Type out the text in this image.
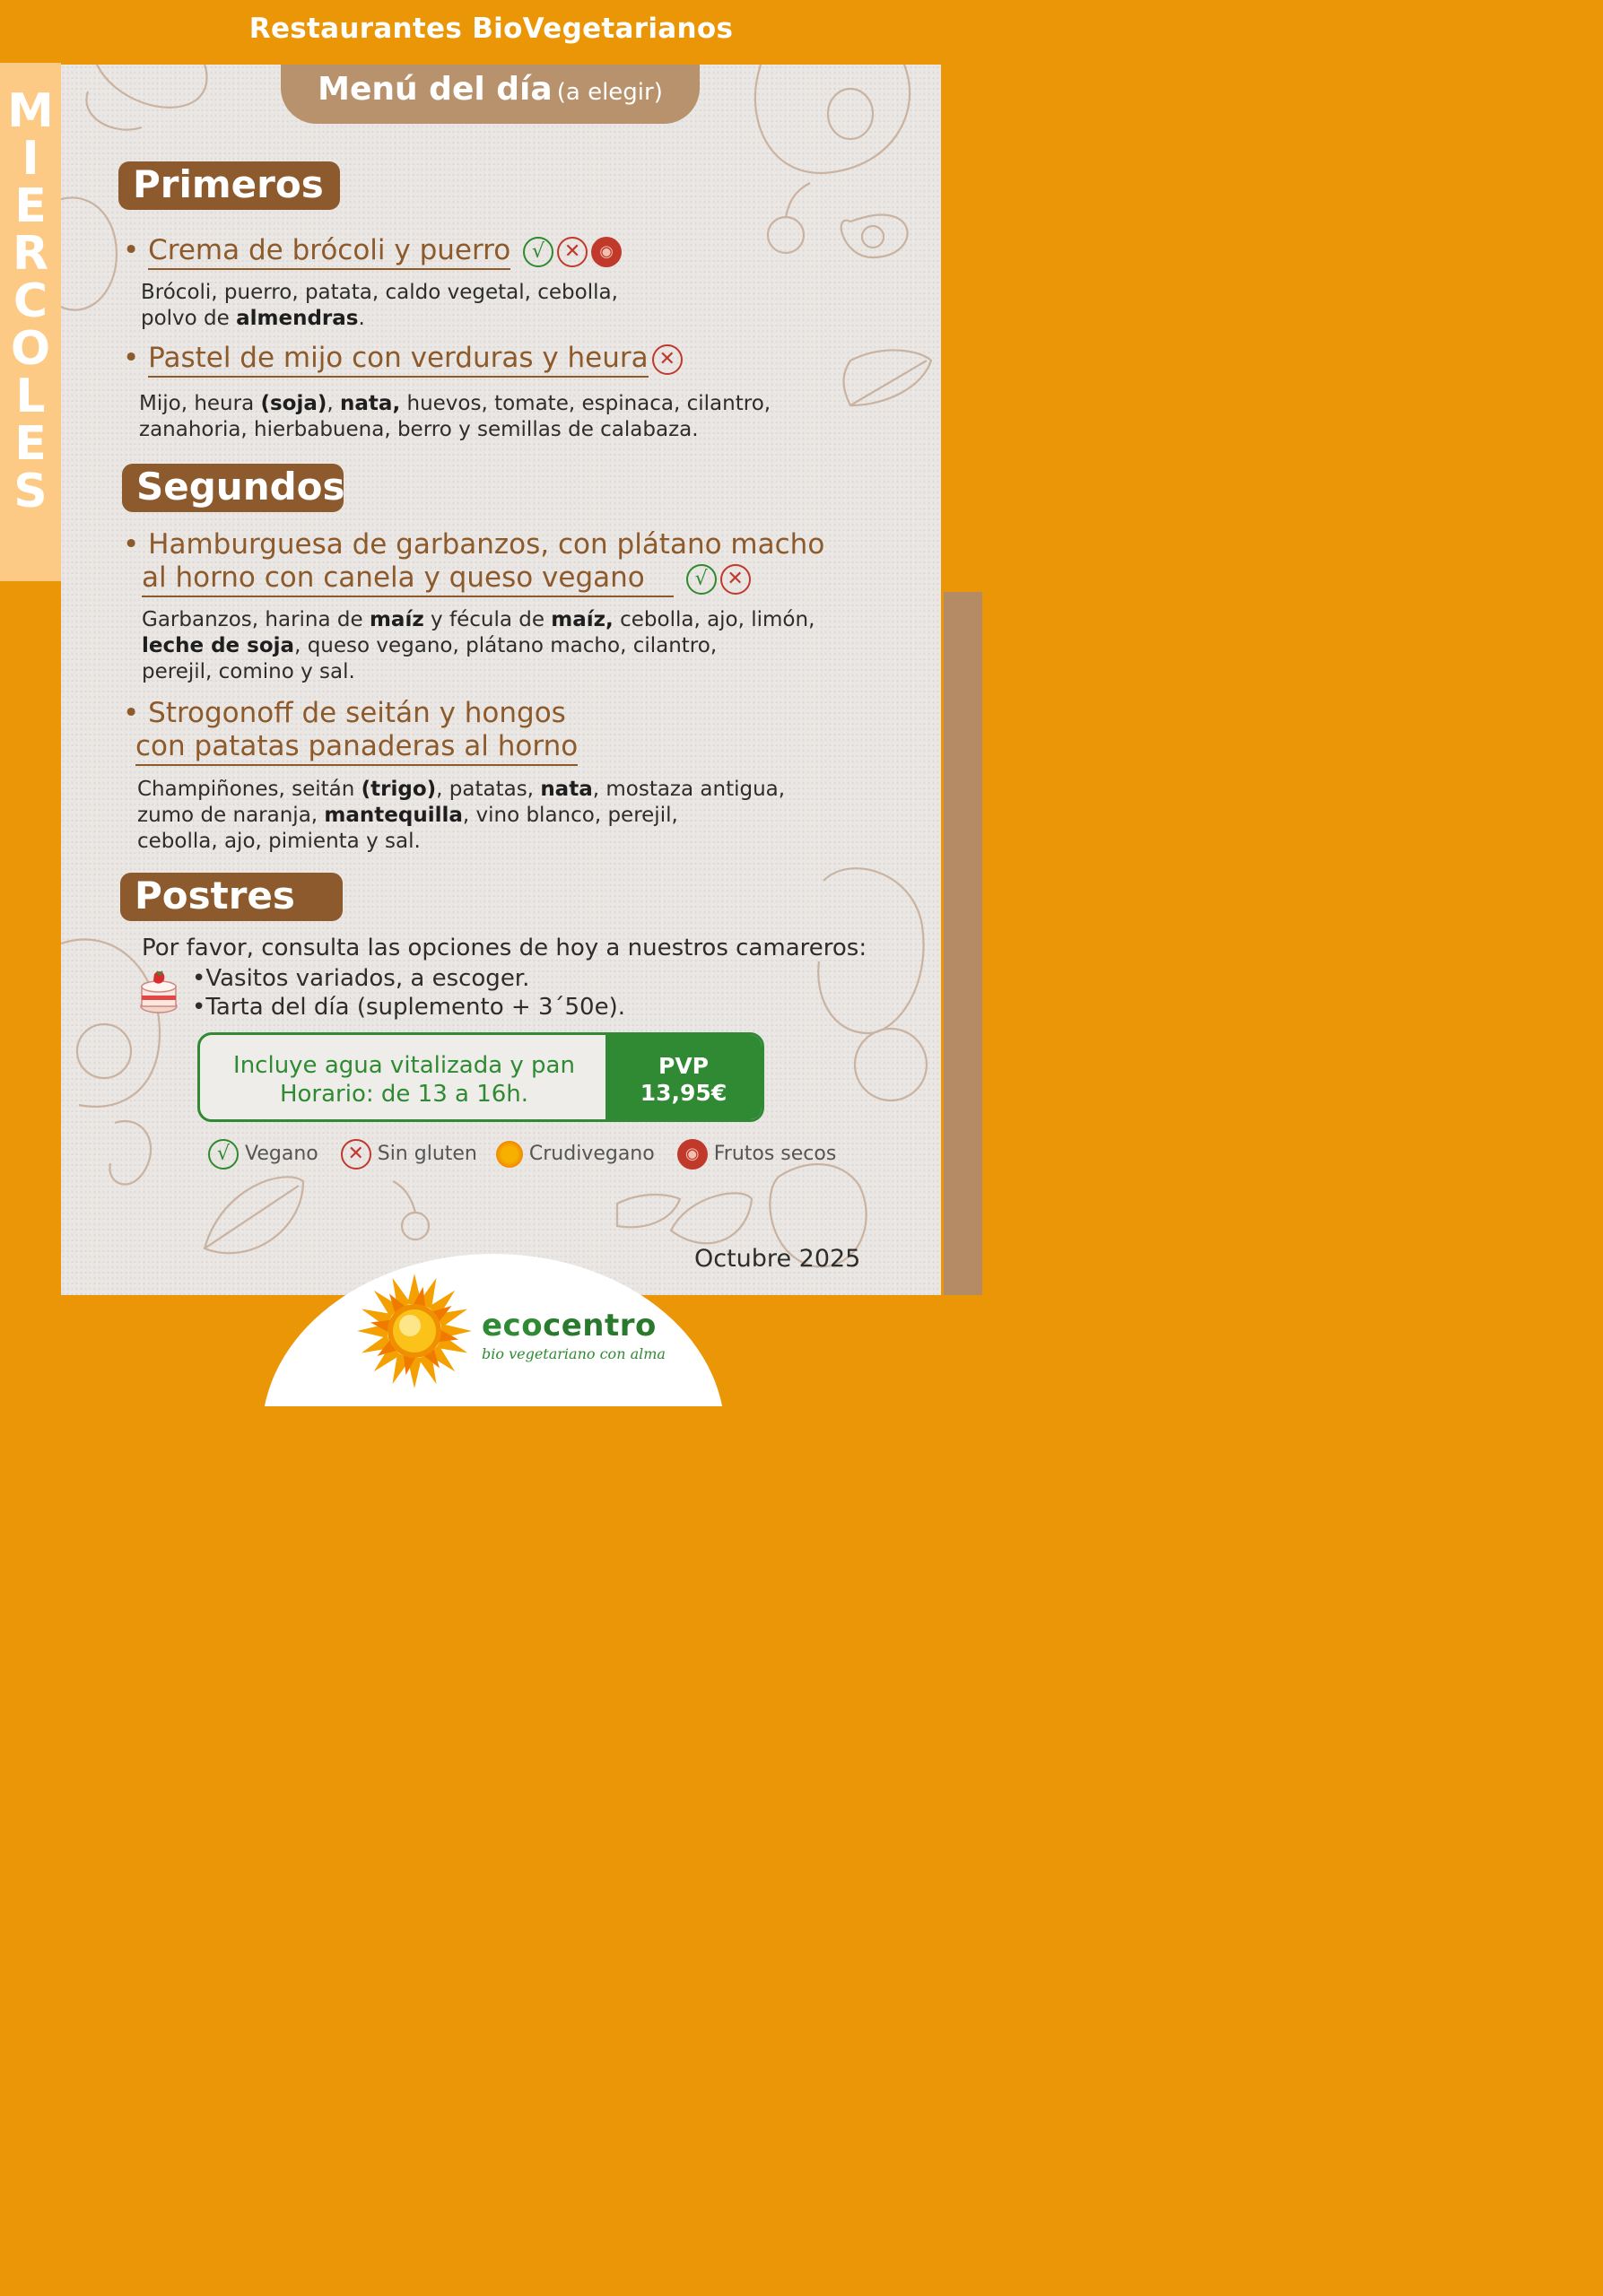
Restaurantes BioVegetarianos
M
I
E
R
C
O
L
E
S
Menú del día (a elegir)
Primeros
• Crema de brócoli y puerro √✕◉
Brócoli, puerro, patata, caldo vegetal, cebolla,
polvo de almendras.
• Pastel de mijo con verduras y heura✕
Mijo, heura (soja), nata, huevos, tomate, espinaca, cilantro,
zanahoria, hierbabuena, berro y semillas de calabaza.
Segundos
• Hamburguesa de garbanzos, con plátano macho
al horno con canela y queso vegano √✕
Garbanzos, harina de maíz y fécula de maíz, cebolla, ajo, limón,
leche de soja, queso vegano, plátano macho, cilantro,
perejil, comino y sal.
• Strogonoff de seitán y hongos
con patatas panaderas al horno
Champiñones, seitán (trigo), patatas, nata, mostaza antigua,
zumo de naranja, mantequilla, vino blanco, perejil,
cebolla, ajo, pimienta y sal.
Postres
Por favor, consulta las opciones de hoy a nuestros camareros:
•Vasitos variados, a escoger.
•Tarta del día (suplemento + 3´50e).
Incluye agua vitalizada y pan
Horario: de 13 a 16h.
PVP
13,95€
√ Vegano ✕	Sin gluten	Crudivegano ◉	Frutos secos
Octubre 2025
ecocentro
bio vegetariano con alma
